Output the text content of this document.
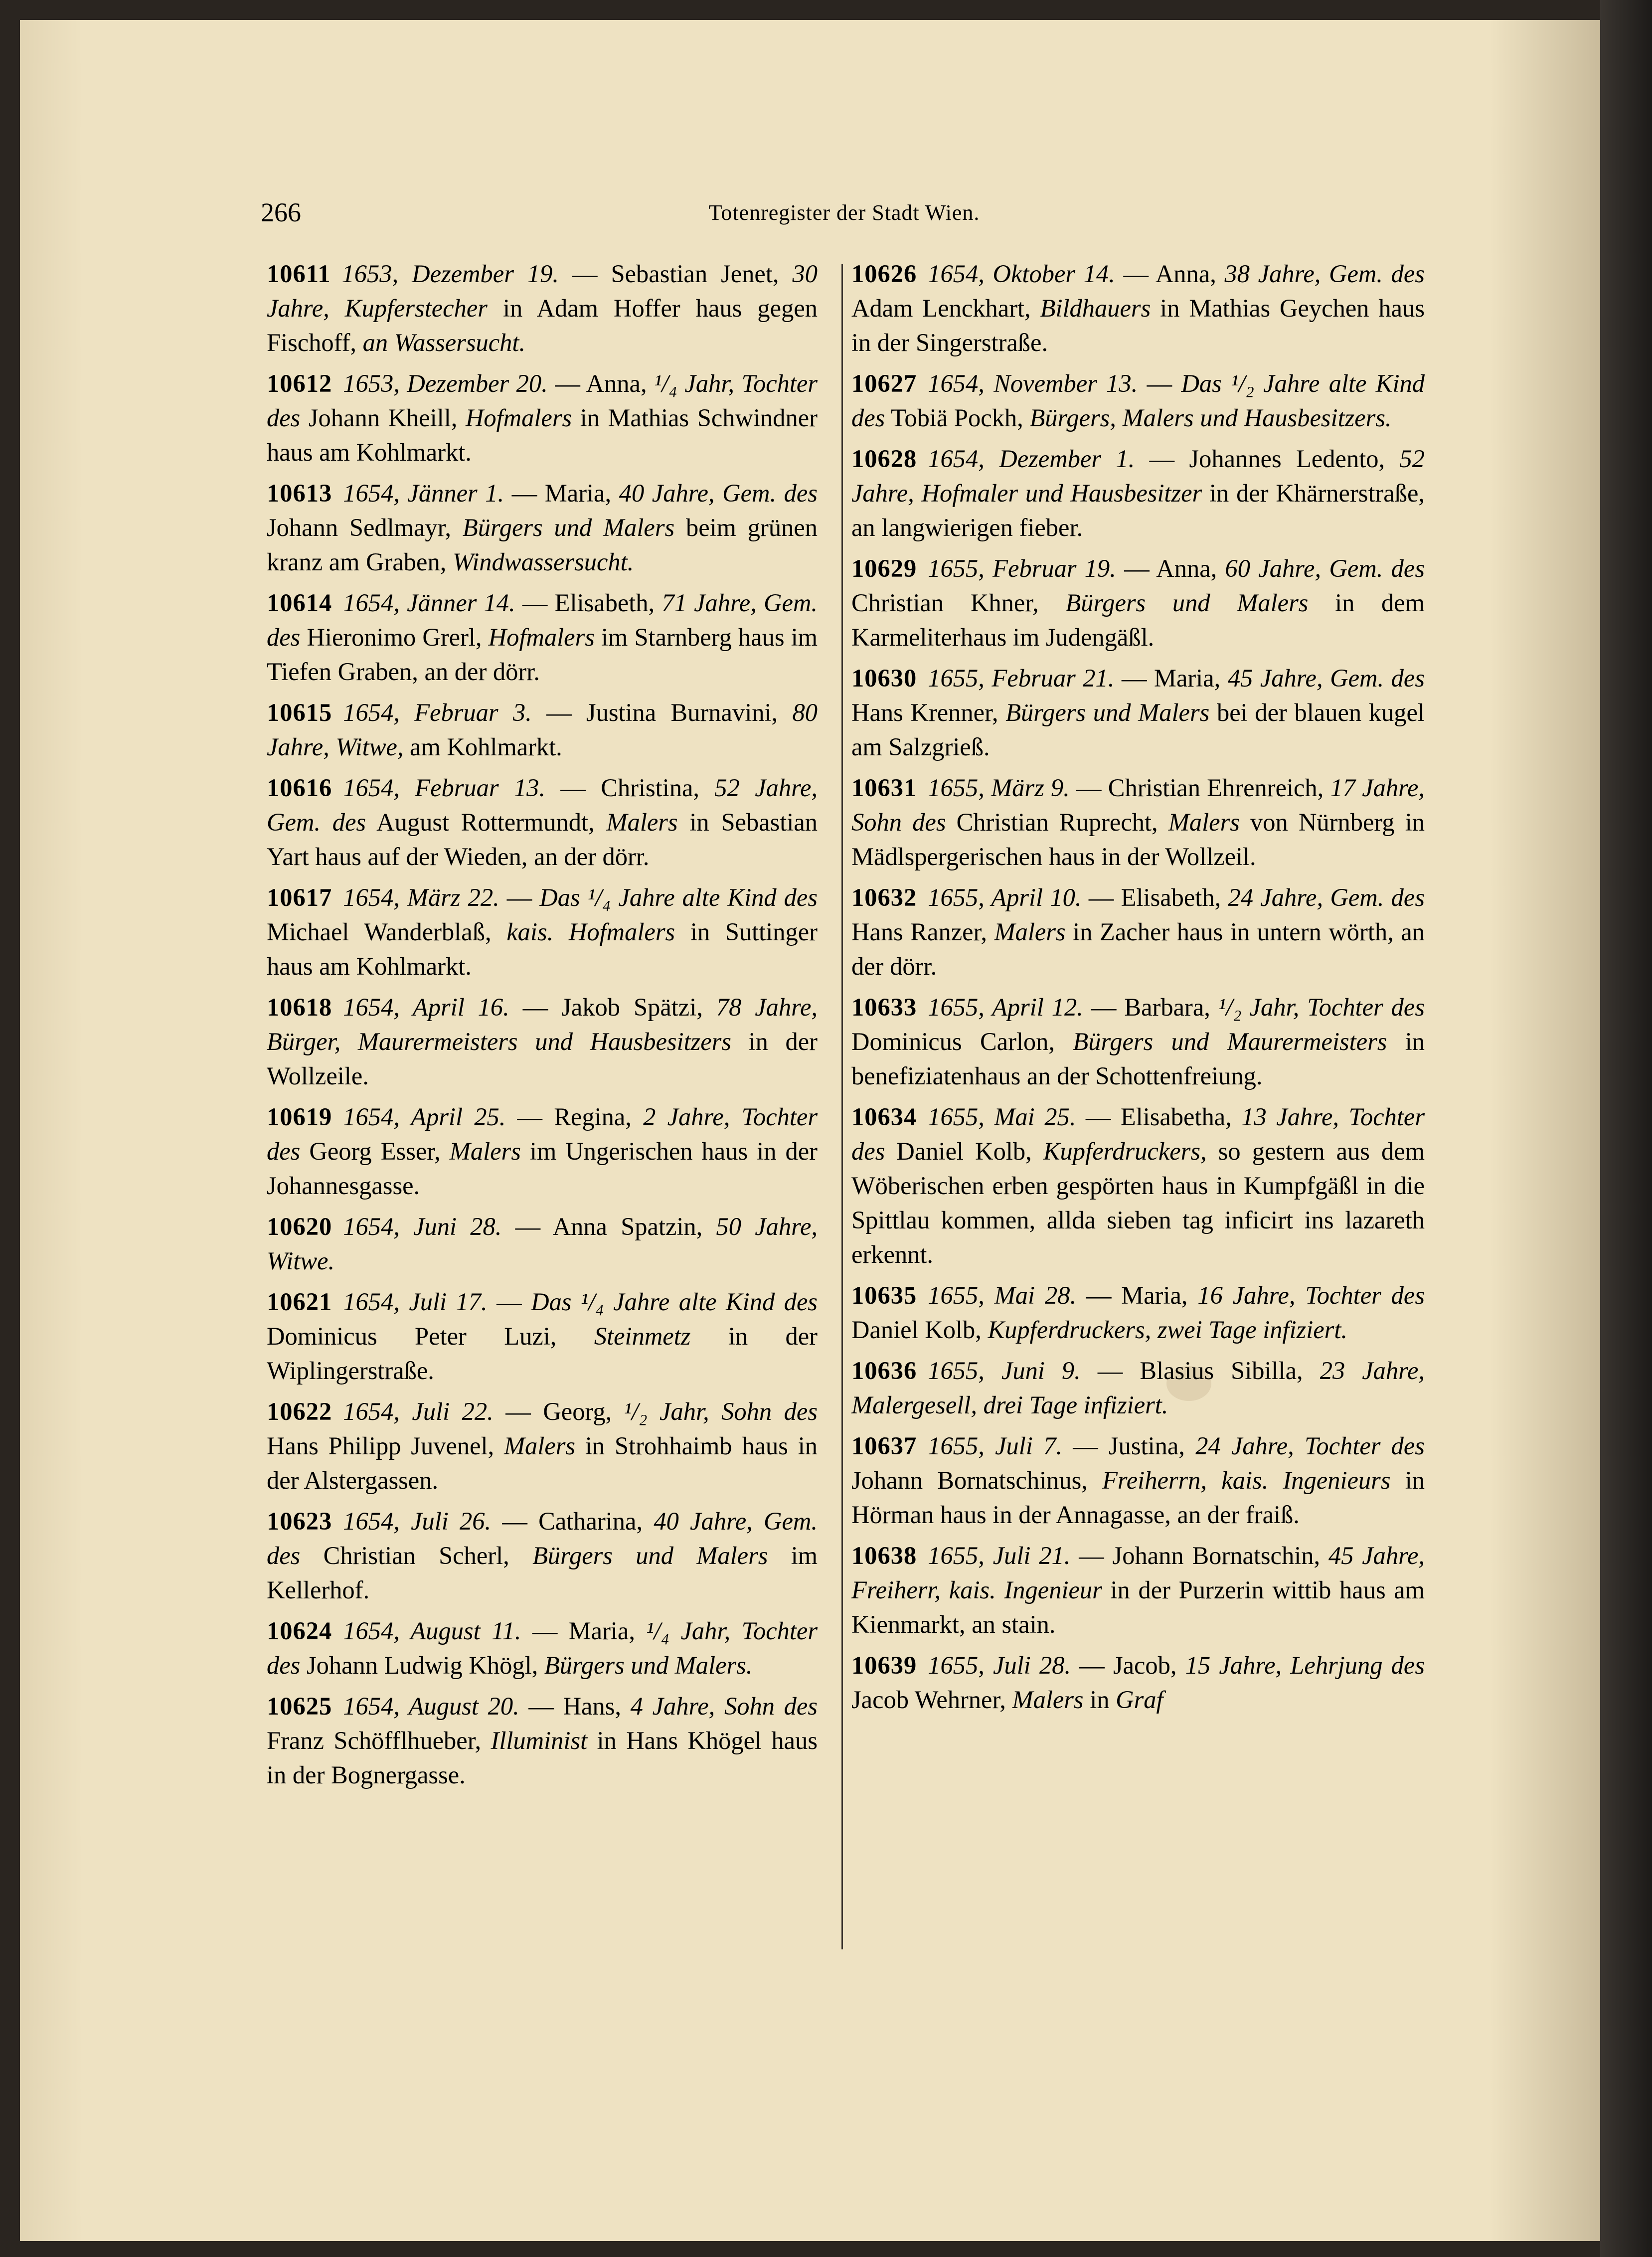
266	Totenregister der Stadt Wien.
10611 1653, Dezember 19. — Sebastian Jenet, 30 Jahre, Kupferstecher in Adam Hoffer haus gegen Fischoff, an Wassersucht.
10612 1653, Dezember 20. — Anna, ¹/₄ Jahr, Tochter des Johann Kheill, Hofmalers in Mathias Schwindner haus am Kohlmarkt.
10613 1654, Jänner 1. — Maria, 40 Jahre, Gem. des Johann Sedlmayr, Bürgers und Malers beim grünen kranz am Graben, Windwassersucht.
10614 1654, Jänner 14. — Elisabeth, 71 Jahre, Gem. des Hieronimo Grerl, Hofmalers im Starnberg haus im Tiefen Graben, an der dörr.
10615 1654, Februar 3. — Justina Burnavini, 80 Jahre, Witwe, am Kohlmarkt.
10616 1654, Februar 13. — Christina, 52 Jahre, Gem. des August Rottermundt, Malers in Sebastian Yart haus auf der Wieden, an der dörr.
10617 1654, März 22. — Das ¹/₄ Jahre alte Kind des Michael Wanderblaß, kais. Hofmalers in Suttinger haus am Kohlmarkt.
10618 1654, April 16. — Jakob Spätzi, 78 Jahre, Bürger, Maurermeisters und Hausbesitzers in der Wollzeile.
10619 1654, April 25. — Regina, 2 Jahre, Tochter des Georg Esser, Malers im Ungerischen haus in der Johannesgasse.
10620 1654, Juni 28. — Anna Spatzin, 50 Jahre, Witwe.
10621 1654, Juli 17. — Das ¹/₄ Jahre alte Kind des Dominicus Peter Luzi, Steinmetz in der Wiplingerstraße.
10622 1654, Juli 22. — Georg, ¹/₂ Jahr, Sohn des Hans Philipp Juvenel, Malers in Strohhaimb haus in der Alstergassen.
10623 1654, Juli 26. — Catharina, 40 Jahre, Gem. des Christian Scherl, Bürgers und Malers im Kellerhof.
10624 1654, August 11. — Maria, ¹/₄ Jahr, Tochter des Johann Ludwig Khögl, Bürgers und Malers.
10625 1654, August 20. — Hans, 4 Jahre, Sohn des Franz Schöfflhueber, Illuminist in Hans Khögel haus in der Bognergasse.
10626 1654, Oktober 14. — Anna, 38 Jahre, Gem. des Adam Lenckhart, Bildhauers in Mathias Geychen haus in der Singerstraße.
10627 1654, November 13. — Das ¹/₂ Jahre alte Kind des Tobiä Pockh, Bürgers, Malers und Hausbesitzers.
10628 1654, Dezember 1. — Johannes Ledento, 52 Jahre, Hofmaler und Hausbesitzer in der Khärnerstraße, an langwierigen fieber.
10629 1655, Februar 19. — Anna, 60 Jahre, Gem. des Christian Khner, Bürgers und Malers in dem Karmeliterhaus im Judengäßl.
10630 1655, Februar 21. — Maria, 45 Jahre, Gem. des Hans Krenner, Bürgers und Malers bei der blauen kugel am Salzgrieß.
10631 1655, März 9. — Christian Ehrenreich, 17 Jahre, Sohn des Christian Ruprecht, Malers von Nürnberg in Mädlspergerischen haus in der Wollzeil.
10632 1655, April 10. — Elisabeth, 24 Jahre, Gem. des Hans Ranzer, Malers in Zacher haus in untern wörth, an der dörr.
10633 1655, April 12. — Barbara, ¹/₂ Jahr, Tochter des Dominicus Carlon, Bürgers und Maurermeisters in benefiziatenhaus an der Schottenfreiung.
10634 1655, Mai 25. — Elisabetha, 13 Jahre, Tochter des Daniel Kolb, Kupferdruckers, so gestern aus dem Wöberischen erben gespörten haus in Kumpfgäßl in die Spittlau kommen, allda sieben tag inficirt ins lazareth erkennt.
10635 1655, Mai 28. — Maria, 16 Jahre, Tochter des Daniel Kolb, Kupferdruckers, zwei Tage infiziert.
10636 1655, Juni 9. — Blasius Sibilla, 23 Jahre, Malergesell, drei Tage infiziert.
10637 1655, Juli 7. — Justina, 24 Jahre, Tochter des Johann Bornatschinus, Freiherrn, kais. Ingenieurs in Hörman haus in der Annagasse, an der fraiß.
10638 1655, Juli 21. — Johann Bornatschin, 45 Jahre, Freiherr, kais. Ingenieur in der Purzerin wittib haus am Kienmarkt, an stain.
10639 1655, Juli 28. — Jacob, 15 Jahre, Lehrjung des Jacob Wehrner, Malers in Graf
